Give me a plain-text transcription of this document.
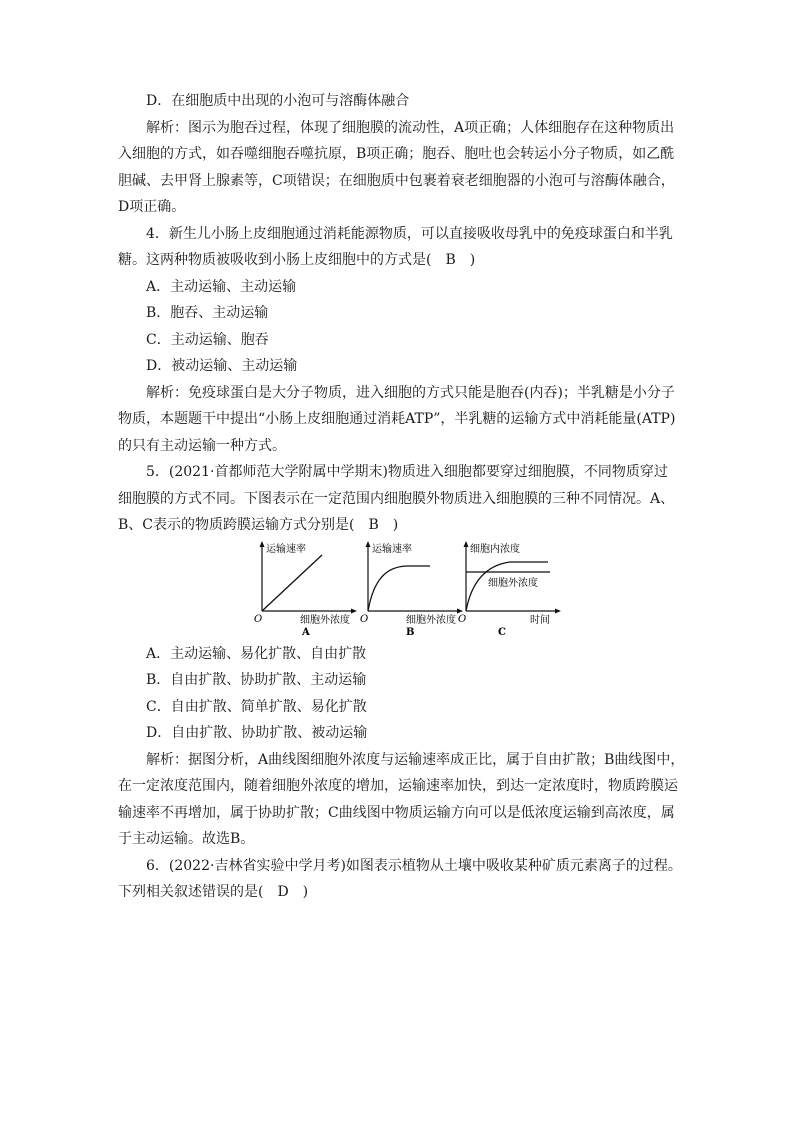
D．在细胞质中出现的小泡可与溶酶体融合
解析：图示为胞吞过程，体现了细胞膜的流动性，A项正确；人体细胞存在这种物质出
入细胞的方式，如吞噬细胞吞噬抗原，B项正确；胞吞、胞吐也会转运小分子物质，如乙酰
胆碱、去甲肾上腺素等，C项错误；在细胞质中包裹着衰老细胞器的小泡可与溶酶体融合，
D项正确。
4．新生儿小肠上皮细胞通过消耗能源物质，可以直接吸收母乳中的免疫球蛋白和半乳
糖。这两种物质被吸收到小肠上皮细胞中的方式是(　B　)
A．主动运输、主动运输
B．胞吞、主动运输
C．主动运输、胞吞
D．被动运输、主动运输
解析：免疫球蛋白是大分子物质，进入细胞的方式只能是胞吞(内吞)；半乳糖是小分子
物质，本题题干中提出“小肠上皮细胞通过消耗ATP”，半乳糖的运输方式中消耗能量(ATP)
的只有主动运输一种方式。
5．(2021·首都师范大学附属中学期末)物质进入细胞都要穿过细胞膜，不同物质穿过
细胞膜的方式不同。下图表示在一定范围内细胞膜外物质进入细胞膜的三种不同情况。A、
B、C表示的物质跨膜运输方式分别是(　B　)
运输速率
O	细胞外浓度
A
运输速率
O	细胞外浓度
B
细胞内浓度
细胞外浓度
O	时间
C
A．主动运输、易化扩散、自由扩散
B．自由扩散、协助扩散、主动运输
C．自由扩散、简单扩散、易化扩散
D．自由扩散、协助扩散、被动运输
解析：据图分析，A曲线图细胞外浓度与运输速率成正比，属于自由扩散；B曲线图中，
在一定浓度范围内，随着细胞外浓度的增加，运输速率加快，到达一定浓度时，物质跨膜运
输速率不再增加，属于协助扩散；C曲线图中物质运输方向可以是低浓度运输到高浓度，属
于主动运输。故选B。
6．(2022·吉林省实验中学月考)如图表示植物从土壤中吸收某种矿质元素离子的过程。
下列相关叙述错误的是(　D　)
